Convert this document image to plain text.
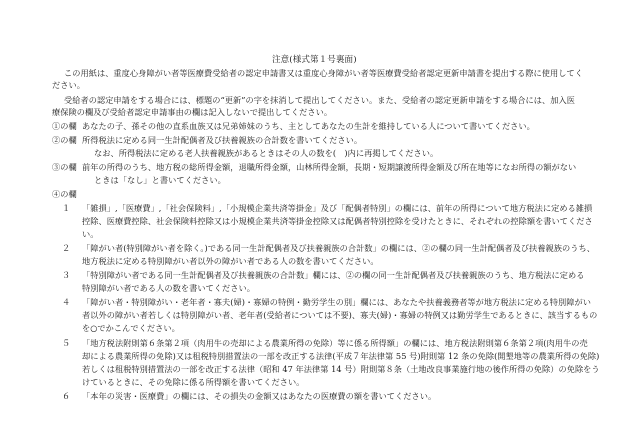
注意(様式第１号裏面)
この用紙は、重度心身障がい者等医療費受給者の認定申請書又は重度心身障がい者等医療費受給者認定更新申請書を提出する際に使用してく
ださい。
受給者の認定申請をする場合には、標題の“更新”の字を抹消して提出してください。また、受給者の認定更新申請をする場合には、加入医
療保険の欄及び受給者認定申請事由の欄は記入しないで提出してください。
①の欄 あなたの子、孫その他の直系血族又は兄弟姉妹のうち、主としてあなたの生計を維持している人について書いてください。
②の欄 所得税法に定める同一生計配偶者及び扶養親族の合計数を書いてください。
なお、所得税法に定める老人扶養親族があるときはその人の数を(　)内に再掲してください。
③の欄 前年の所得のうち、地方税の総所得金額，退職所得金額，山林所得金額，長期・短期譲渡所得金額及び所在地等になお所得の額がない
ときは「なし」と書いてください。
④の欄
１ 「雑損」,「医療費」,「社会保険料」,「小規模企業共済等掛金」及び「配偶者特別」の欄には、前年の所得について地方税法に定める雑損
控除、医療費控除、社会保険料控除又は小規模企業共済等掛金控除又は配偶者特別控除を受けたときに、それぞれの控除額を書いてくださ
い。
２ 「障がい者(特別障がい者を除く。)である同一生計配偶者及び扶養親族の合計数」の欄には、②の欄の同一生計配偶者及び扶養親族のうち、
地方税法に定める特別障がい者以外の障がい者である人の数を書いてください。
３ 「特別障がい者である同一生計配偶者及び扶養親族の合計数」欄には、②の欄の同一生計配偶者及び扶養親族のうち、地方税法に定める
特別障がい者である人の数を書いてください。
４ 「障がい者・特別障がい・老年者・寡夫(婦)・寡婦の特例・勤労学生の別」欄には、あなたや扶養義務者等が地方税法に定める特別障がい
者以外の障がい者若しくは特別障がい者、老年者(受給者については不要)、寡夫(婦)・寡婦の特例又は勤労学生であるときに、該当するもの
を○でかこんでください。
５ 「地方税法附則第６条第２項（肉用牛の売却による農業所得の免除）等に係る所得額」の欄には、地方税法附則第６条第２項(肉用牛の売
却による農業所得の免除)又は租税特別措置法の一部を改正する法律(平成７年法律第 55 号)附則第 12 条の免除(開墾地等の農業所得の免除)
若しくは租税特別措置法の一部を改正する法律（昭和 47 年法律第 14 号）附則第８条（土地改良事業施行地の後作所得の免除）の免除をう
けているときに、その免除に係る所得額を書いてください。
６ 「本年の災害・医療費」の欄には、その損失の金額又はあなたの医療費の額を書いてください。
